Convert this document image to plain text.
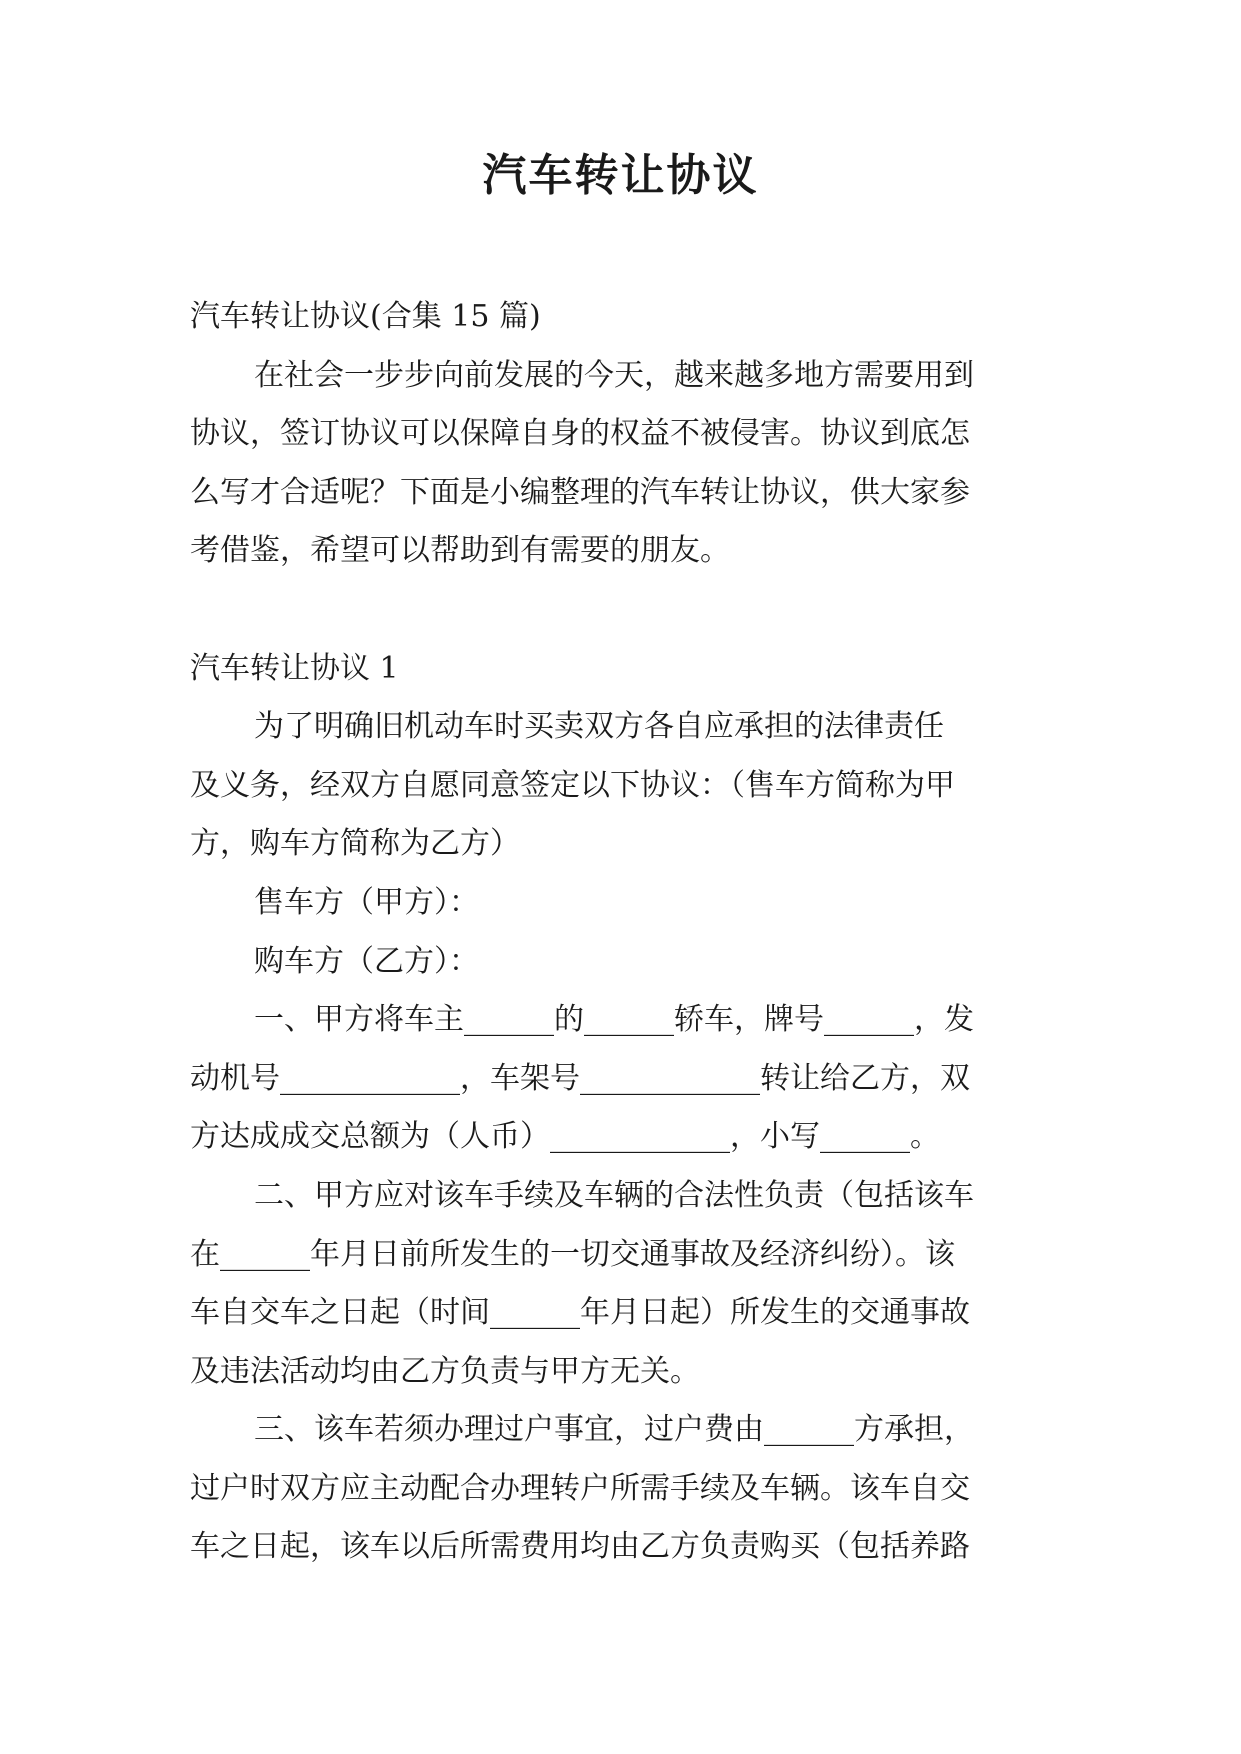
汽车转让协议
汽车转让协议(合集 15 篇)
在社会一步步向前发展的今天，越来越多地方需要用到
协议，签订协议可以保障自身的权益不被侵害。协议到底怎
么写才合适呢？下面是小编整理的汽车转让协议，供大家参
考借鉴，希望可以帮助到有需要的朋友。
汽车转让协议 1
为了明确旧机动车时买卖双方各自应承担的法律责任
及义务，经双方自愿同意签定以下协议：（售车方简称为甲
方，购车方简称为乙方）
售车方（甲方）：
购车方（乙方）：
一、甲方将车主______的______轿车，牌号______，发
动机号____________，车架号____________转让给乙方，双
方达成成交总额为（人币）____________，小写______。
二、甲方应对该车手续及车辆的合法性负责（包括该车
在______年月日前所发生的一切交通事故及经济纠纷）。该
车自交车之日起（时间______年月日起）所发生的交通事故
及违法活动均由乙方负责与甲方无关。
三、该车若须办理过户事宜，过户费由______方承担，
过户时双方应主动配合办理转户所需手续及车辆。该车自交
车之日起，该车以后所需费用均由乙方负责购买（包括养路
